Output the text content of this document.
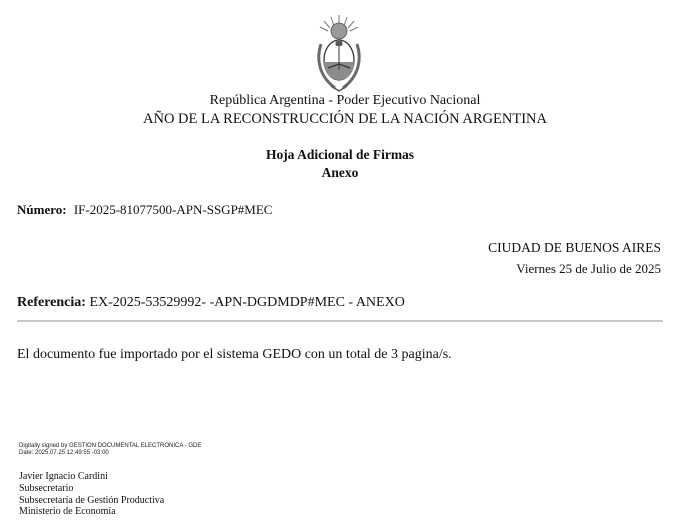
República Argentina - Poder Ejecutivo Nacional
AÑO DE LA RECONSTRUCCIÓN DE LA NACIÓN ARGENTINA
Hoja Adicional de Firmas
Anexo
Número: IF-2025-81077500-APN-SSGP#MEC
CIUDAD DE BUENOS AIRES
Viernes 25 de Julio de 2025
Referencia: EX-2025-53529992- -APN-DGDMDP#MEC - ANEXO
El documento fue importado por el sistema GEDO con un total de 3 pagina/s.
Digitally signed by GESTION DOCUMENTAL ELECTRONICA - GDE
Date: 2025.07.25 12:49:55 -03:00
Javier Ignacio Cardini
Subsecretario
Subsecretaría de Gestión Productiva
Ministerio de Economía
